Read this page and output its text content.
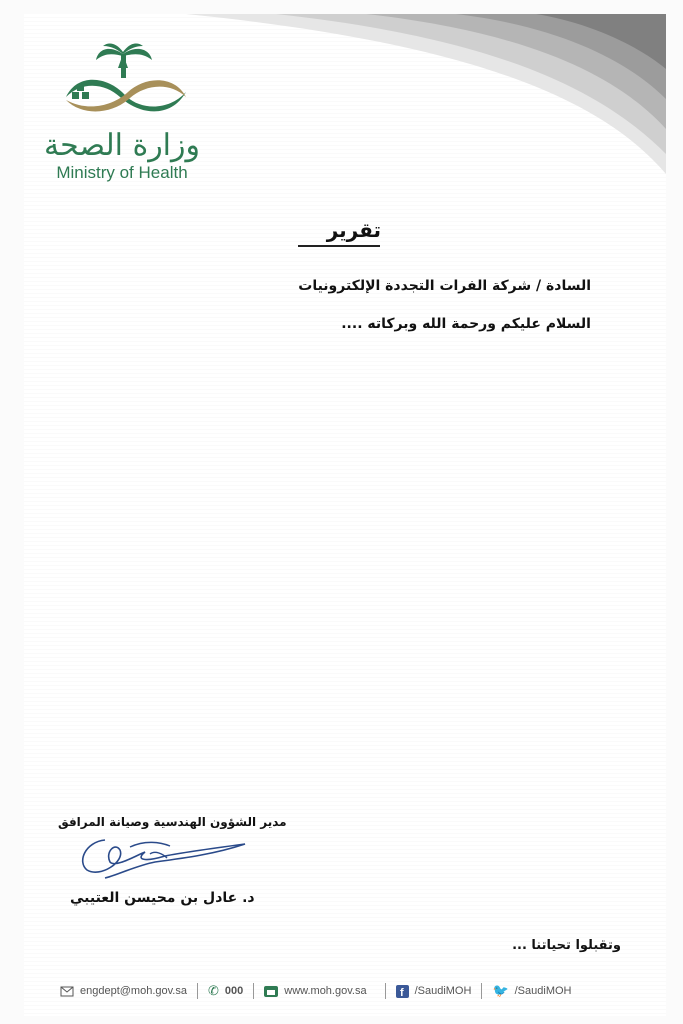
وزارة الصحة
Ministry of Health
تقرير
السادة / شركة الفرات التجددة الإلكترونيات
السلام عليكم ورحمة الله وبركاته ....
مدير الشؤون الهندسية وصيانة المرافق
د. عادل بن محيسن العتيبي
وتقبلوا تحياتنا ...
engdept@moh.gov.sa ✆ 000	www.moh.gov.sa	f /SaudiMOH 🐦 /SaudiMOH
